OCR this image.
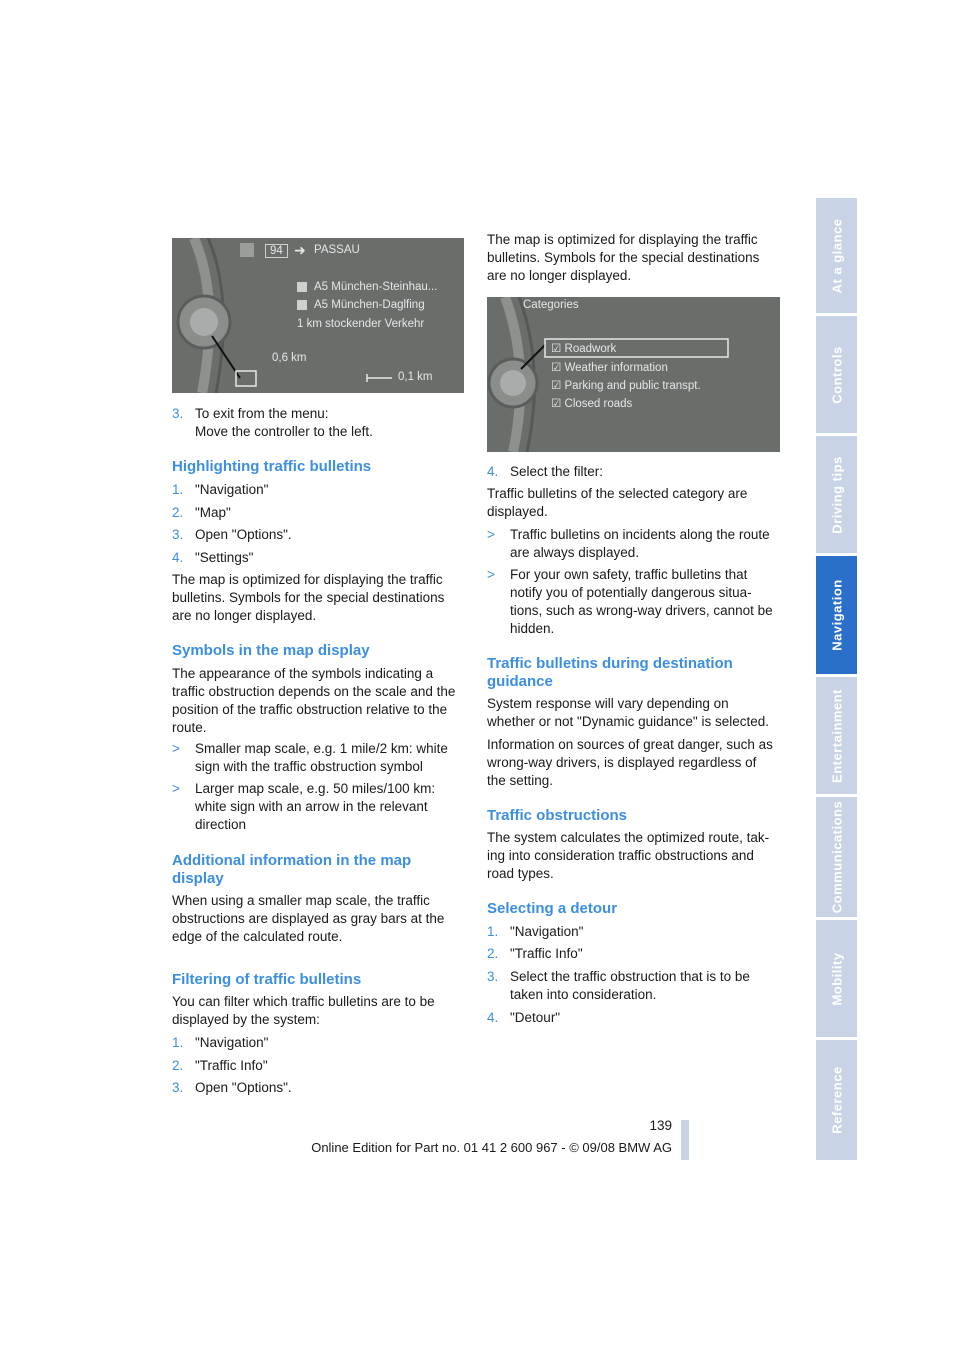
At a glance
Controls
Driving tips
Navigation
Entertainment
Communications
Mobility
Reference
94 ➜ PASSAU
A5 München-Steinhau...
A5 München-Daglfing
1 km stockender Verkehr
0,6 km
0,1 km
Categories
☑ Roadwork
☑ Weather information
☑ Parking and public transpt.
☑ Closed roads
3. To exit from the menu:
Move the controller to the left.
Highlighting traffic bulletins
1. "Navigation"
2. "Map"
3. Open "Options".
4. "Settings"
The map is optimized for displaying the traffic
bulletins. Symbols for the special destinations
are no longer displayed.
Symbols in the map display
The appearance of the symbols indicating a
traffic obstruction depends on the scale and the
position of the traffic obstruction relative to the
route.
> Smaller map scale, e.g. 1 mile/2 km: white
sign with the traffic obstruction symbol
> Larger map scale, e.g. 50 miles/100 km:
white sign with an arrow in the relevant
direction
Additional information in the map
display
When using a smaller map scale, the traffic
obstructions are displayed as gray bars at the
edge of the calculated route.
Filtering of traffic bulletins
You can filter which traffic bulletins are to be
displayed by the system:
1. "Navigation"
2. "Traffic Info"
3. Open "Options".
The map is optimized for displaying the traffic
bulletins. Symbols for the special destinations
are no longer displayed.
4. Select the filter:
Traffic bulletins of the selected category are
displayed.
> Traffic bulletins on incidents along the route
are always displayed.
> For your own safety, traffic bulletins that
notify you of potentially dangerous situa-
tions, such as wrong-way drivers, cannot be
hidden.
Traffic bulletins during destination
guidance
System response will vary depending on
whether or not "Dynamic guidance" is selected.
Information on sources of great danger, such as
wrong-way drivers, is displayed regardless of
the setting.
Traffic obstructions
The system calculates the optimized route, tak-
ing into consideration traffic obstructions and
road types.
Selecting a detour
1. "Navigation"
2. "Traffic Info"
3. Select the traffic obstruction that is to be
taken into consideration.
4. "Detour"
139
Online Edition for Part no. 01 41 2 600 967 - © 09/08 BMW AG
